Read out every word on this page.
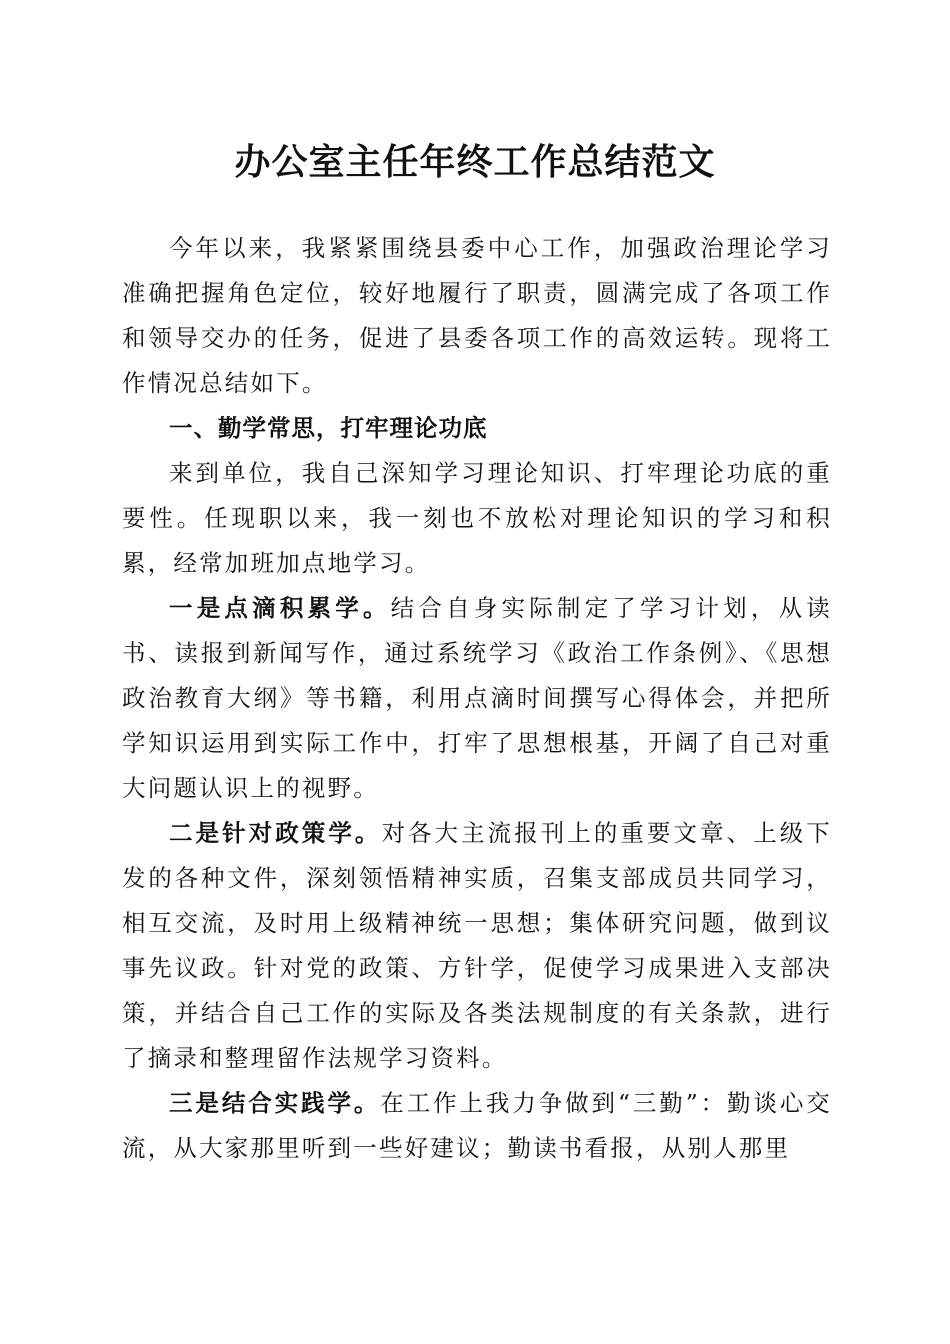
办公室主任年终工作总结范文

今年以来，我紧紧围绕县委中心工作，加强政治理论学习准确把握角色定位，较好地履行了职责，圆满完成了各项工作和领导交办的任务，促进了县委各项工作的高效运转。现将工作情况总结如下。

一、勤学常思，打牢理论功底

来到单位，我自己深知学习理论知识、打牢理论功底的重要性。任现职以来，我一刻也不放松对理论知识的学习和积累，经常加班加点地学习。

一是点滴积累学。结合自身实际制定了学习计划，从读书、读报到新闻写作，通过系统学习《政治工作条例》、《思想政治教育大纲》等书籍，利用点滴时间撰写心得体会，并把所学知识运用到实际工作中，打牢了思想根基，开阔了自己对重大问题认识上的视野。

二是针对政策学。对各大主流报刊上的重要文章、上级下发的各种文件，深刻领悟精神实质，召集支部成员共同学习，相互交流，及时用上级精神统一思想；集体研究问题，做到议事先议政。针对党的政策、方针学，促使学习成果进入支部决策，并结合自己工作的实际及各类法规制度的有关条款，进行了摘录和整理留作法规学习资料。

三是结合实践学。在工作上我力争做到“三勤”：勤谈心交流，从大家那里听到一些好建议；勤读书看报，从别人那里
